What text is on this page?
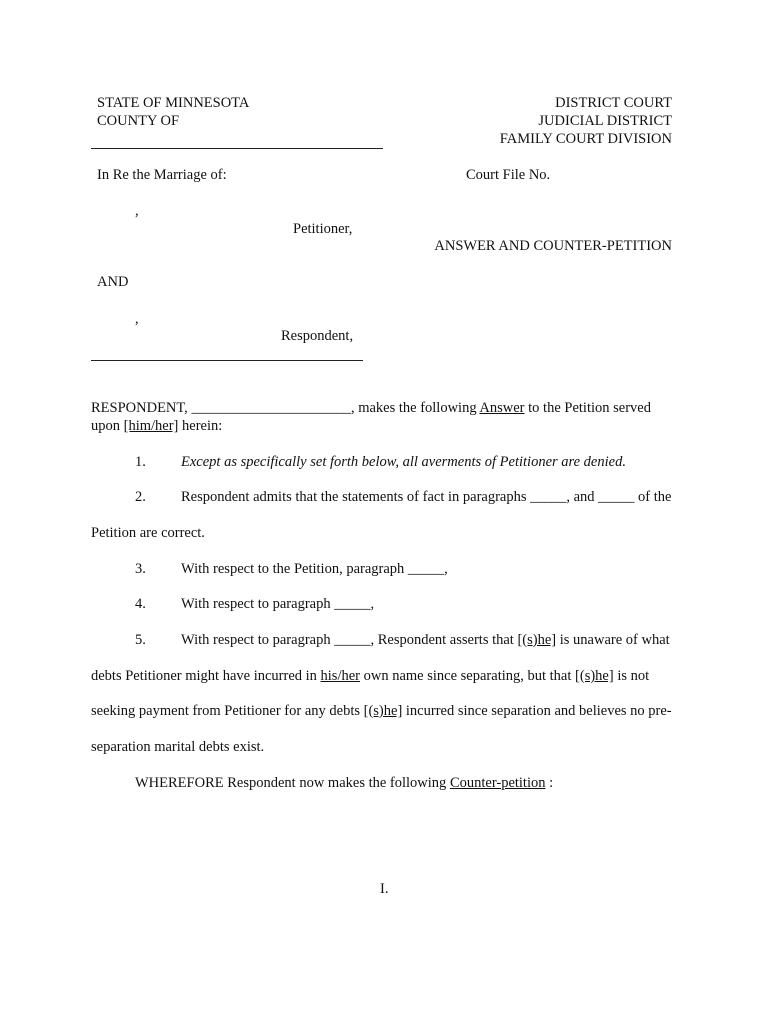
STATE OF MINNESOTA
COUNTY OF
DISTRICT COURT
JUDICIAL DISTRICT
FAMILY COURT DIVISION
In Re the Marriage of:	Court File No.
,
Petitioner,
ANSWER AND COUNTER-PETITION
AND
,
Respondent,
RESPONDENT, ______________________, makes the following Answer to the Petition served
upon [him/her] herein:
1. Except as specifically set forth below, all averments of Petitioner are denied.
2. Respondent admits that the statements of fact in paragraphs _____, and _____ of the
Petition are correct.
3. With respect to the Petition, paragraph _____,
4. With respect to paragraph _____,
5. With respect to paragraph _____, Respondent asserts that [(s)he] is unaware of what
debts Petitioner might have incurred in his/her own name since separating, but that [(s)he] is not
seeking payment from Petitioner for any debts [(s)he] incurred since separation and believes no pre-
separation marital debts exist.
WHEREFORE Respondent now makes the following Counter-petition :
I.
